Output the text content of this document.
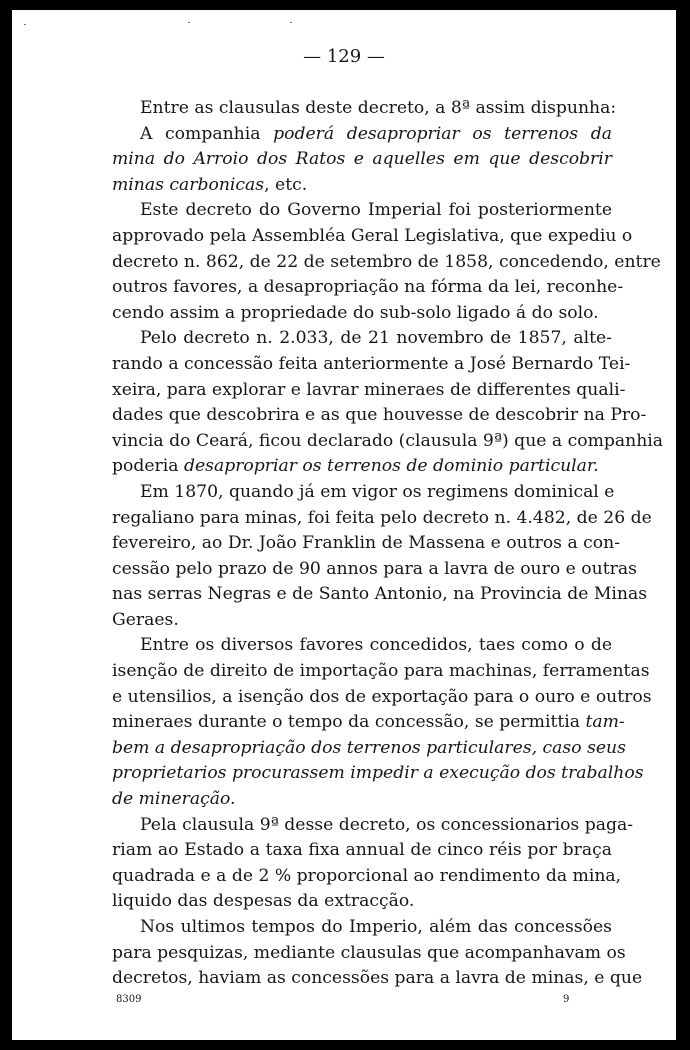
— 129 —
Entre as clausulas deste decreto, a 8ª assim dispunha:
A companhia poderá desapropriar os terrenos da
mina do Arroio dos Ratos e aquelles em que descobrir
minas carbonicas, etc.
Este decreto do Governo Imperial foi posteriormente
approvado pela Assembléa Geral Legislativa, que expediu o
decreto n. 862, de 22 de setembro de 1858, concedendo, entre
outros favores, a desapropriação na fórma da lei, reconhe-
cendo assim a propriedade do sub-solo ligado á do solo.
Pelo decreto n. 2.033, de 21 novembro de 1857, alte-
rando a concessão feita anteriormente a José Bernardo Tei-
xeira, para explorar e lavrar mineraes de differentes quali-
dades que descobrira e as que houvesse de descobrir na Pro-
vincia do Ceará, ficou declarado (clausula 9ª) que a companhia
poderia desapropriar os terrenos de dominio particular.
Em 1870, quando já em vigor os regimens dominical e
regaliano para minas, foi feita pelo decreto n. 4.482, de 26 de
fevereiro, ao Dr. João Franklin de Massena e outros a con-
cessão pelo prazo de 90 annos para a lavra de ouro e outras
nas serras Negras e de Santo Antonio, na Provincia de Minas
Geraes.
Entre os diversos favores concedidos, taes como o de
isenção de direito de importação para machinas, ferramentas
e utensilios, a isenção dos de exportação para o ouro e outros
mineraes durante o tempo da concessão, se permittia tam-
bem a desapropriação dos terrenos particulares, caso seus
proprietarios procurassem impedir a execução dos trabalhos
de mineração.
Pela clausula 9ª desse decreto, os concessionarios paga-
riam ao Estado a taxa fixa annual de cinco réis por braça
quadrada e a de 2 % proporcional ao rendimento da mina,
liquido das despesas da extracção.
Nos ultimos tempos do Imperio, além das concessões
para pesquizas, mediante clausulas que acompanhavam os
decretos, haviam as concessões para a lavra de minas, e que
8309	9
